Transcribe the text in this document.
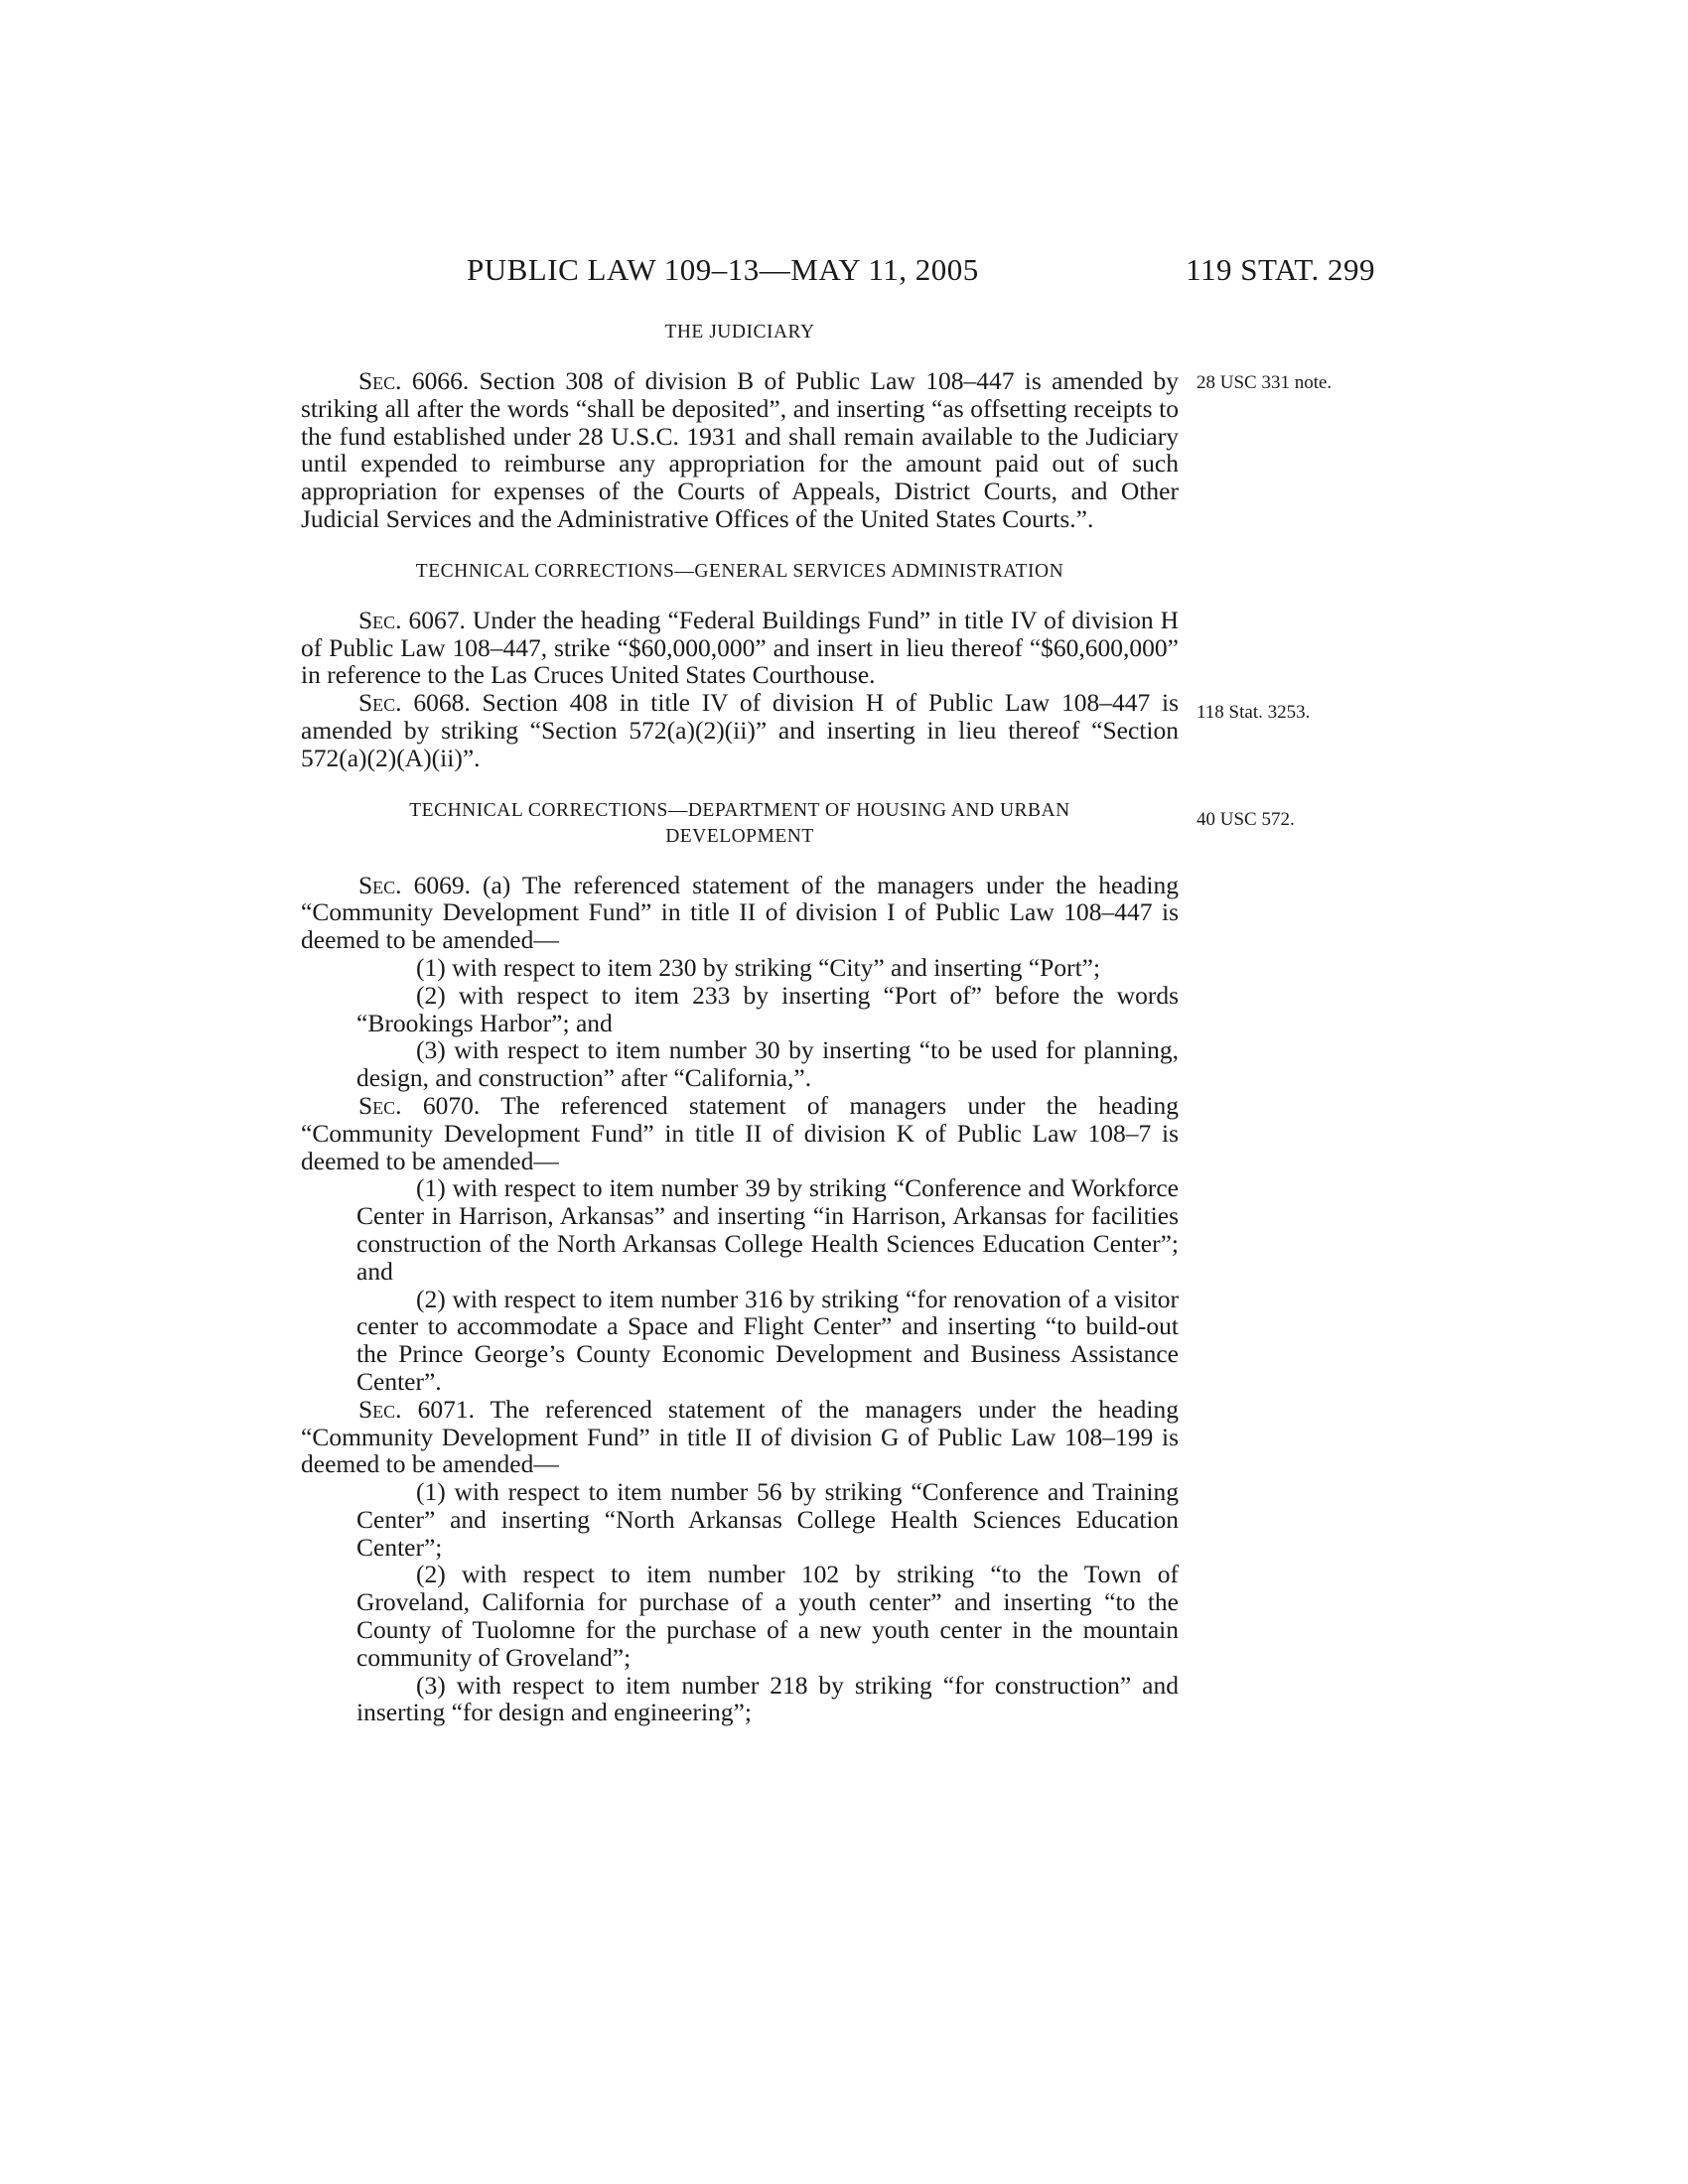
PUBLIC LAW 109–13—MAY 11, 2005	119 STAT. 299
28 USC 331 note.
118 Stat. 3253.
40 USC 572.
THE JUDICIARY

Sec. 6066. Section 308 of division B of Public Law 108–447 is amended by striking all after the words “shall be deposited”, and inserting “as offsetting receipts to the fund established under 28 U.S.C. 1931 and shall remain available to the Judiciary until expended to reimburse any appropriation for the amount paid out of such appropriation for expenses of the Courts of Appeals, District Courts, and Other Judicial Services and the Administrative Offices of the United States Courts.”.

TECHNICAL CORRECTIONS—GENERAL SERVICES ADMINISTRATION

Sec. 6067. Under the heading “Federal Buildings Fund” in title IV of division H of Public Law 108–447, strike “$60,000,000” and insert in lieu thereof “$60,600,000” in reference to the Las Cruces United States Courthouse.

Sec. 6068. Section 408 in title IV of division H of Public Law 108–447 is amended by striking “Section 572(a)(2)(ii)” and inserting in lieu thereof “Section 572(a)(2)(A)(ii)”.

TECHNICAL CORRECTIONS—DEPARTMENT OF HOUSING AND URBAN
DEVELOPMENT

Sec. 6069. (a) The referenced statement of the managers under the heading “Community Development Fund” in title II of division I of Public Law 108–447 is deemed to be amended—

(1) with respect to item 230 by striking “City” and inserting “Port”;

(2) with respect to item 233 by inserting “Port of” before the words “Brookings Harbor”; and

(3) with respect to item number 30 by inserting “to be used for planning, design, and construction” after “California,”.

Sec. 6070. The referenced statement of managers under the heading “Community Development Fund” in title II of division K of Public Law 108–7 is deemed to be amended—

(1) with respect to item number 39 by striking “Conference and Workforce Center in Harrison, Arkansas” and inserting “in Harrison, Arkansas for facilities construction of the North Arkansas College Health Sciences Education Center”; and

(2) with respect to item number 316 by striking “for renovation of a visitor center to accommodate a Space and Flight Center” and inserting “to build-out the Prince George’s County Economic Development and Business Assistance Center”.

Sec. 6071. The referenced statement of the managers under the heading “Community Development Fund” in title II of division G of Public Law 108–199 is deemed to be amended—

(1) with respect to item number 56 by striking “Conference and Training Center” and inserting “North Arkansas College Health Sciences Education Center”;

(2) with respect to item number 102 by striking “to the Town of Groveland, California for purchase of a youth center” and inserting “to the County of Tuolomne for the purchase of a new youth center in the mountain community of Groveland”;

(3) with respect to item number 218 by striking “for construction” and inserting “for design and engineering”;
